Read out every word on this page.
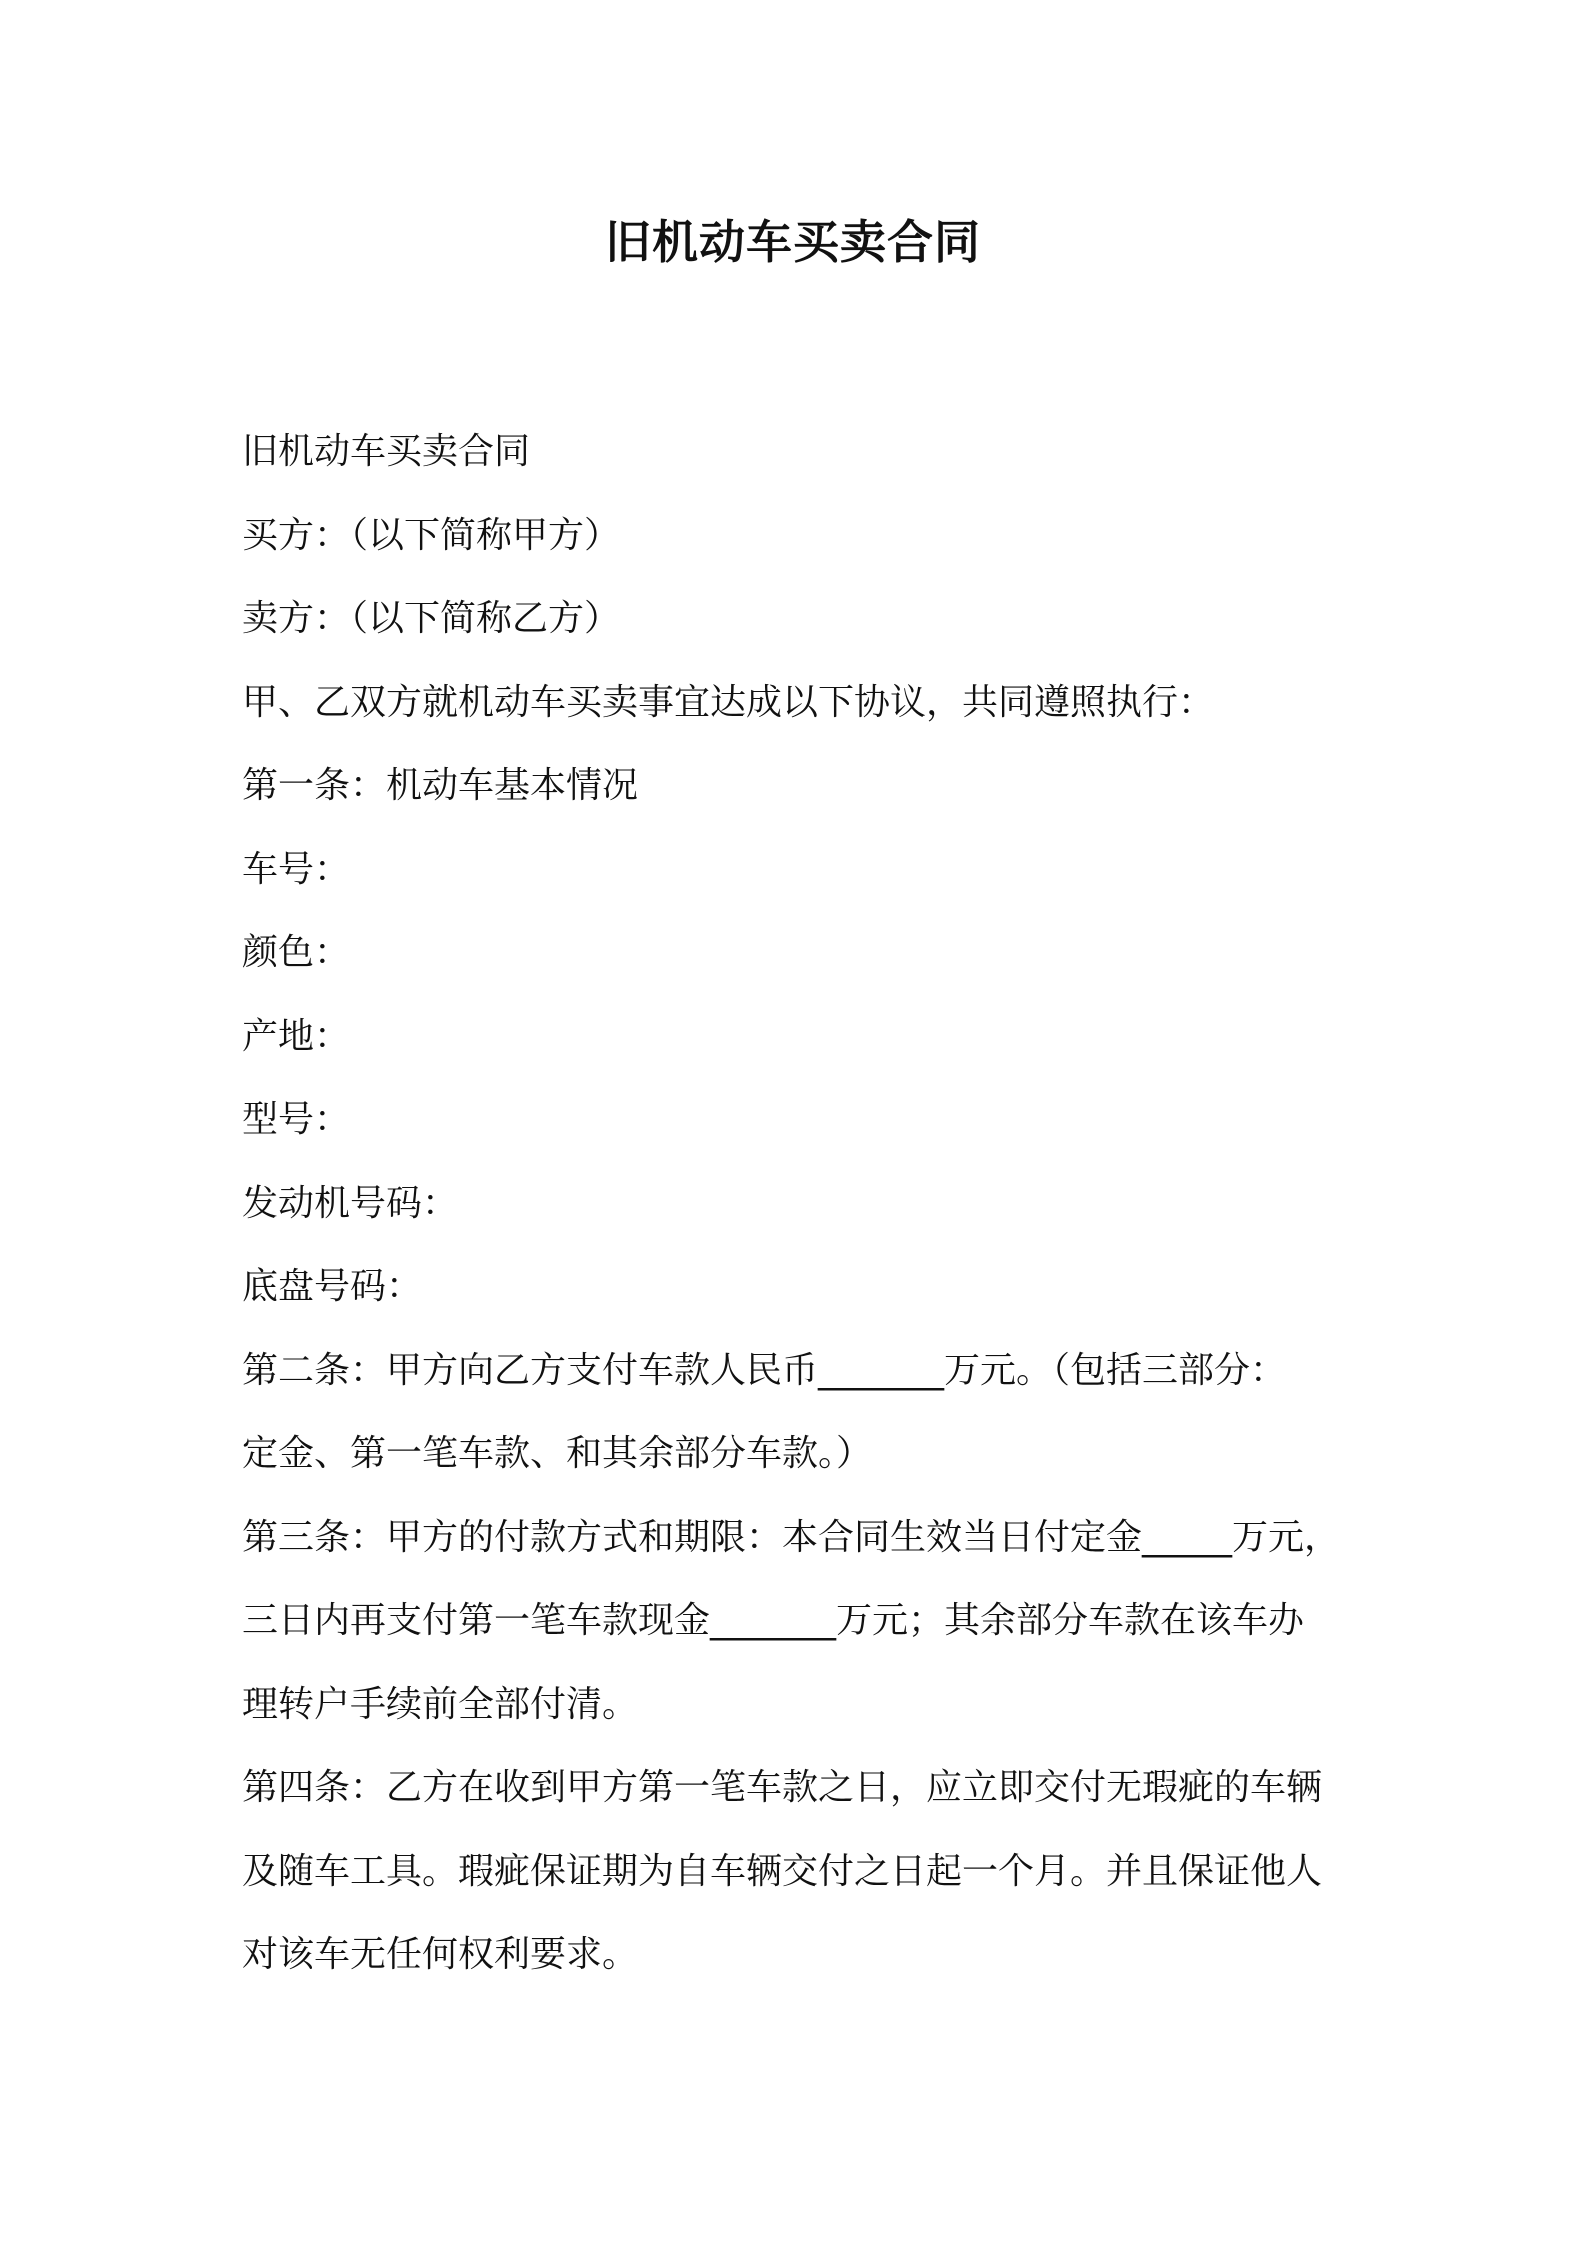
旧机动车买卖合同
旧机动车买卖合同
买方：（以下简称甲方）
卖方：（以下简称乙方）
甲、乙双方就机动车买卖事宜达成以下协议，共同遵照执行：
第一条：机动车基本情况
车号：
颜色：
产地：
型号：
发动机号码：
底盘号码：
第二条：甲方向乙方支付车款人民币_______万元。（包括三部分：
定金、第一笔车款、和其余部分车款。）
第三条：甲方的付款方式和期限：本合同生效当日付定金_____万元，
三日内再支付第一笔车款现金_______万元；其余部分车款在该车办
理转户手续前全部付清。
第四条：乙方在收到甲方第一笔车款之日，应立即交付无瑕疵的车辆
及随车工具。瑕疵保证期为自车辆交付之日起一个月。并且保证他人
对该车无任何权利要求。
